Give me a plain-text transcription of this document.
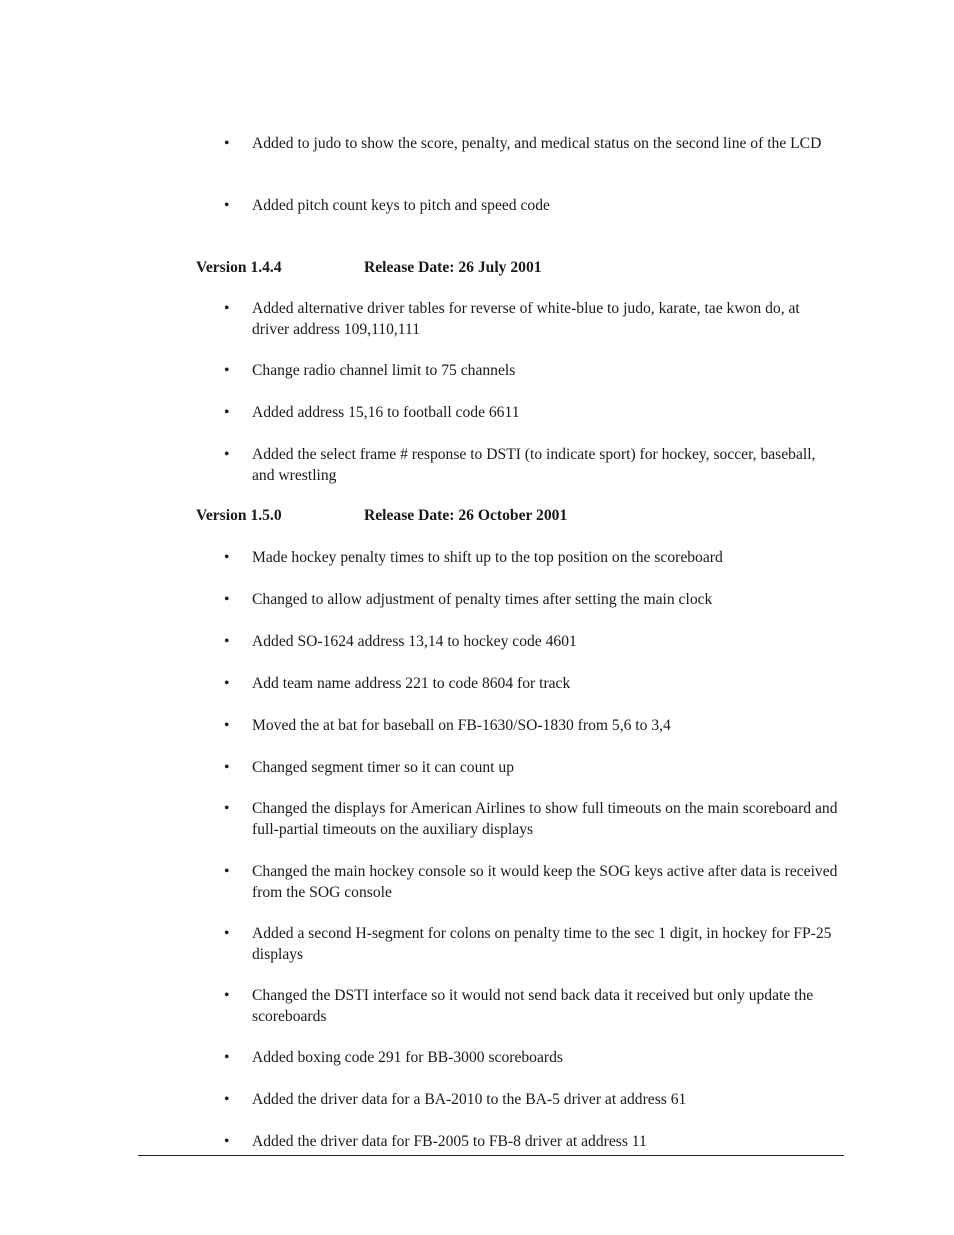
•	Added to judo to show the score, penalty, and medical status on the second line of the LCD
•	Added pitch count keys to pitch and speed code
Version 1.4.4	Release Date: 26 July 2001
•	Added alternative driver tables for reverse of white-blue to judo, karate, tae kwon do, at driver address 109,110,111
•	Change radio channel limit to 75 channels
•	Added address 15,16 to football code 6611
•	Added the select frame # response to DSTI (to indicate sport) for hockey, soccer, baseball, and wrestling
Version 1.5.0	Release Date: 26 October 2001
•	Made hockey penalty times to shift up to the top position on the scoreboard
•	Changed to allow adjustment of penalty times after setting the main clock
•	Added SO-1624 address 13,14 to hockey code 4601
•	Add team name address 221 to code 8604 for track
•	Moved the at bat for baseball on FB-1630/SO-1830 from 5,6 to 3,4
•	Changed segment timer so it can count up
•	Changed the displays for American Airlines to show full timeouts on the main scoreboard and full-partial timeouts on the auxiliary displays
•	Changed the main hockey console so it would keep the SOG keys active after data is received from the SOG console
•	Added a second H-segment for colons on penalty time to the sec 1 digit, in hockey for FP-25 displays
•	Changed the DSTI interface so it would not send back data it received but only update the scoreboards
•	Added boxing code 291 for BB-3000 scoreboards
•	Added the driver data for a BA-2010 to the BA-5 driver at address 61
•	Added the driver data for FB-2005 to FB-8 driver at address 11
